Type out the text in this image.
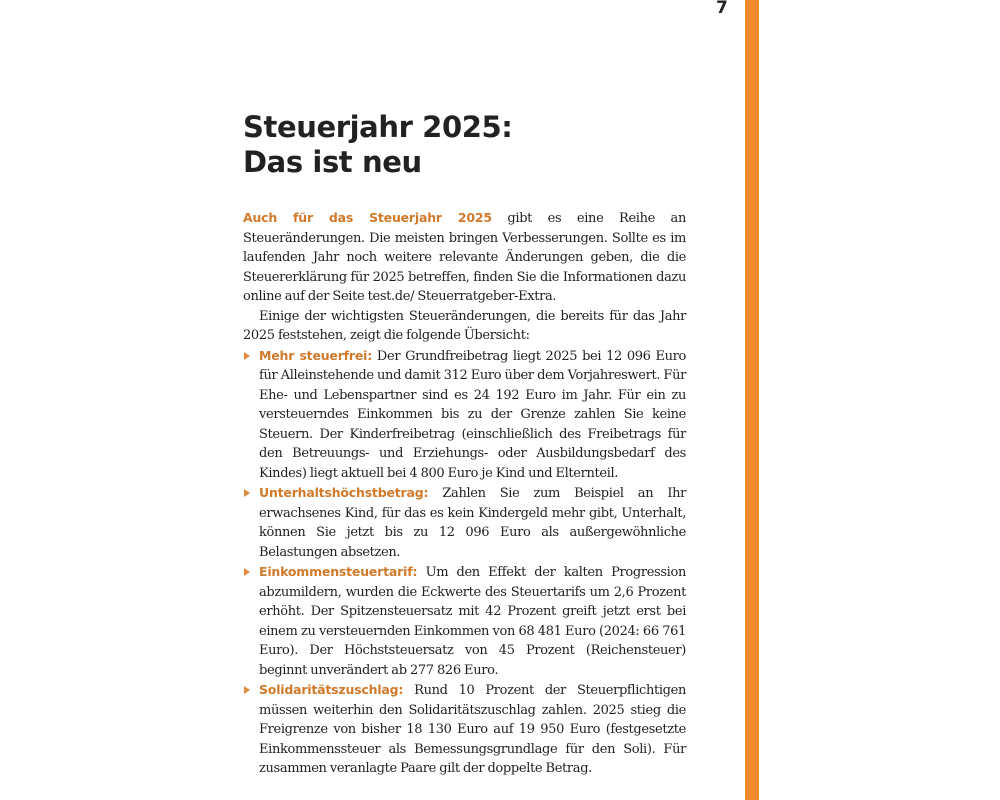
7
Steuerjahr 2025:
Das ist neu

Auch für das Steuerjahr 2025 gibt es eine Reihe an Steueränderungen. Die meisten bringen Verbesserungen. Sollte es im laufenden Jahr noch weitere relevante Änderungen geben, die die Steuererklärung für 2025 betreffen, finden Sie die Informationen dazu online auf der Seite test.de/ Steuerratgeber-Extra.

Einige der wichtigsten Steueränderungen, die bereits für das Jahr 2025 feststehen, zeigt die folgende Übersicht:

Mehr steuerfrei: Der Grundfreibetrag liegt 2025 bei 12 096 Euro für Alleinstehende und damit 312 Euro über dem Vorjahreswert. Für Ehe- und Lebenspartner sind es 24 192 Euro im Jahr. Für ein zu versteuerndes Einkommen bis zu der Grenze zahlen Sie keine Steuern. Der Kinderfreibetrag (einschließlich des Freibetrags für den Betreuungs- und Erziehungs- oder Ausbildungsbedarf des Kindes) liegt aktuell bei 4 800 Euro je Kind und Elternteil.
Unterhaltshöchstbetrag: Zahlen Sie zum Beispiel an Ihr erwachsenes Kind, für das es kein Kindergeld mehr gibt, Unterhalt, können Sie jetzt bis zu 12 096 Euro als außergewöhnliche Belastungen absetzen.
Einkommensteuertarif: Um den Effekt der kalten Progression abzumildern, wurden die Eckwerte des Steuertarifs um 2,6 Prozent erhöht. Der Spitzensteuersatz mit 42 Prozent greift jetzt erst bei einem zu versteuernden Einkommen von 68 481 Euro (2024: 66 761 Euro). Der Höchststeuersatz von 45 Prozent (Reichensteuer) beginnt unverändert ab 277 826 Euro.
Solidaritätszuschlag: Rund 10 Prozent der Steuerpflichtigen müssen weiterhin den Solidaritätszuschlag zahlen. 2025 stieg die Freigrenze von bisher 18 130 Euro auf 19 950 Euro (festgesetzte Einkommenssteuer als Bemessungsgrundlage für den Soli). Für zusammen veranlagte Paare gilt der doppelte Betrag.
